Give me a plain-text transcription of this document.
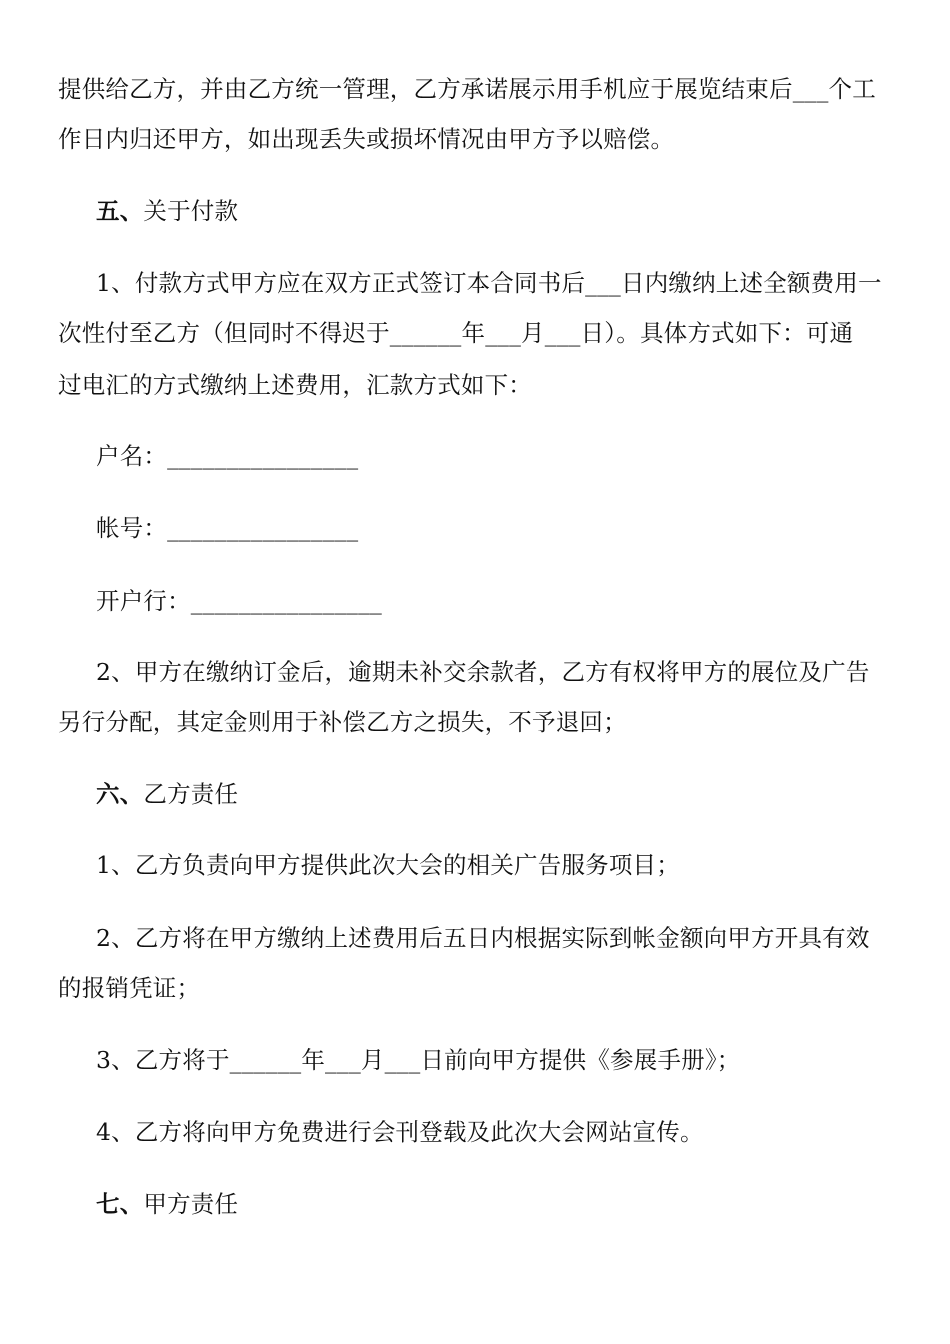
提供给乙方，并由乙方统一管理，乙方承诺展示用手机应于展览结束后___个工
作日内归还甲方，如出现丢失或损坏情况由甲方予以赔偿。
五、关于付款
1、付款方式甲方应在双方正式签订本合同书后___日内缴纳上述全额费用一
次性付至乙方（但同时不得迟于______年___月___日）。具体方式如下：可通
过电汇的方式缴纳上述费用，汇款方式如下：
户名：________________
帐号：________________
开户行：________________
2、甲方在缴纳订金后，逾期未补交余款者，乙方有权将甲方的展位及广告
另行分配，其定金则用于补偿乙方之损失，不予退回；
六、乙方责任
1、乙方负责向甲方提供此次大会的相关广告服务项目；
2、乙方将在甲方缴纳上述费用后五日内根据实际到帐金额向甲方开具有效
的报销凭证；
3、乙方将于______年___月___日前向甲方提供《参展手册》；
4、乙方将向甲方免费进行会刊登载及此次大会网站宣传。
七、甲方责任
